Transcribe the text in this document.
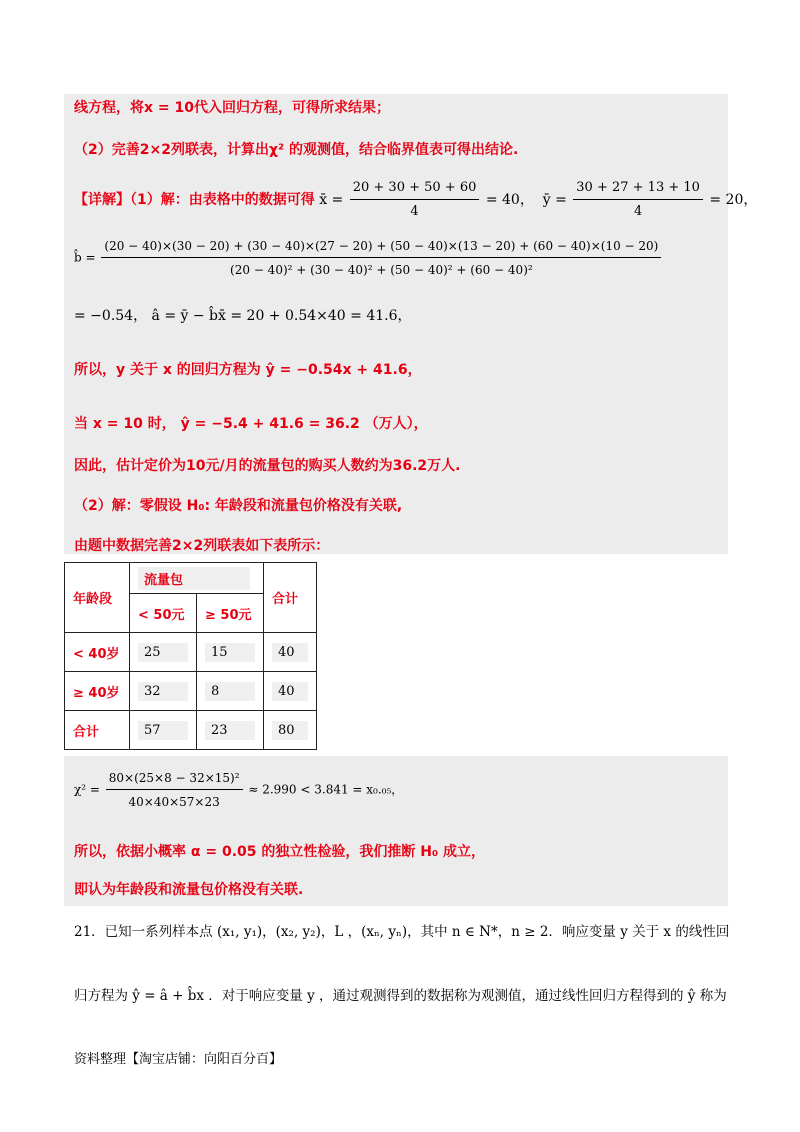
线方程，将x = 10代入回归方程，可得所求结果；
（2）完善2×2列联表，计算出χ² 的观测值，结合临界值表可得出结论.
【详解】（1）解：由表格中的数据可得 x̄ = $\frac{20 + 30 + 50 + 60}{4} = 40$， ȳ = $\frac{30 + 27 + 13 + 10}{4} = 20$，
b̂ =
(20 − 40)×(30 − 20) + (30 − 40)×(27 − 20) + (50 − 40)×(13 − 20) + (60 − 40)×(10 − 20)
(20 − 40)² + (30 − 40)² + (50 − 40)² + (60 − 40)²
= −0.54， â = ȳ − b̂x̄ = 20 + 0.54×40 = 41.6，
所以，y 关于 x 的回归方程为 ŷ = −0.54x + 41.6，
当 x = 10 时， ŷ = −5.4 + 41.6 = 36.2 （万人），
因此，估计定价为10元/月的流量包的购买人数约为36.2万人.
（2）解：零假设 H₀: 年龄段和流量包价格没有关联,
由题中数据完善2×2列联表如下表所示：
年龄段	流量包		合计
	< 50元	≥ 50元	
< 40岁	25	15	40
≥ 40岁	32	8	40
合计	57	23	80
$\chi^2 = \frac{\text{80×(25×8 − 32×15)²}}{40\times 40\times 57\times 23} \approx 2.990 < 3.841 = x_0._{05}$，
所以，依据小概率 α = 0.05 的独立性检验，我们推断 H₀ 成立，
即认为年龄段和流量包价格没有关联.
21．已知一系列样本点 (x₁, y₁)，(x₂, y₂)，L ，(xₙ, yₙ)，其中 n ∈ N*，n ≥ 2．响应变量 y 关于 x 的线性回
归方程为 ŷ = â + b̂x ．对于响应变量 y ，通过观测得到的数据称为观测值，通过线性回归方程得到的 ŷ 称为
资料整理【淘宝店铺：向阳百分百】
